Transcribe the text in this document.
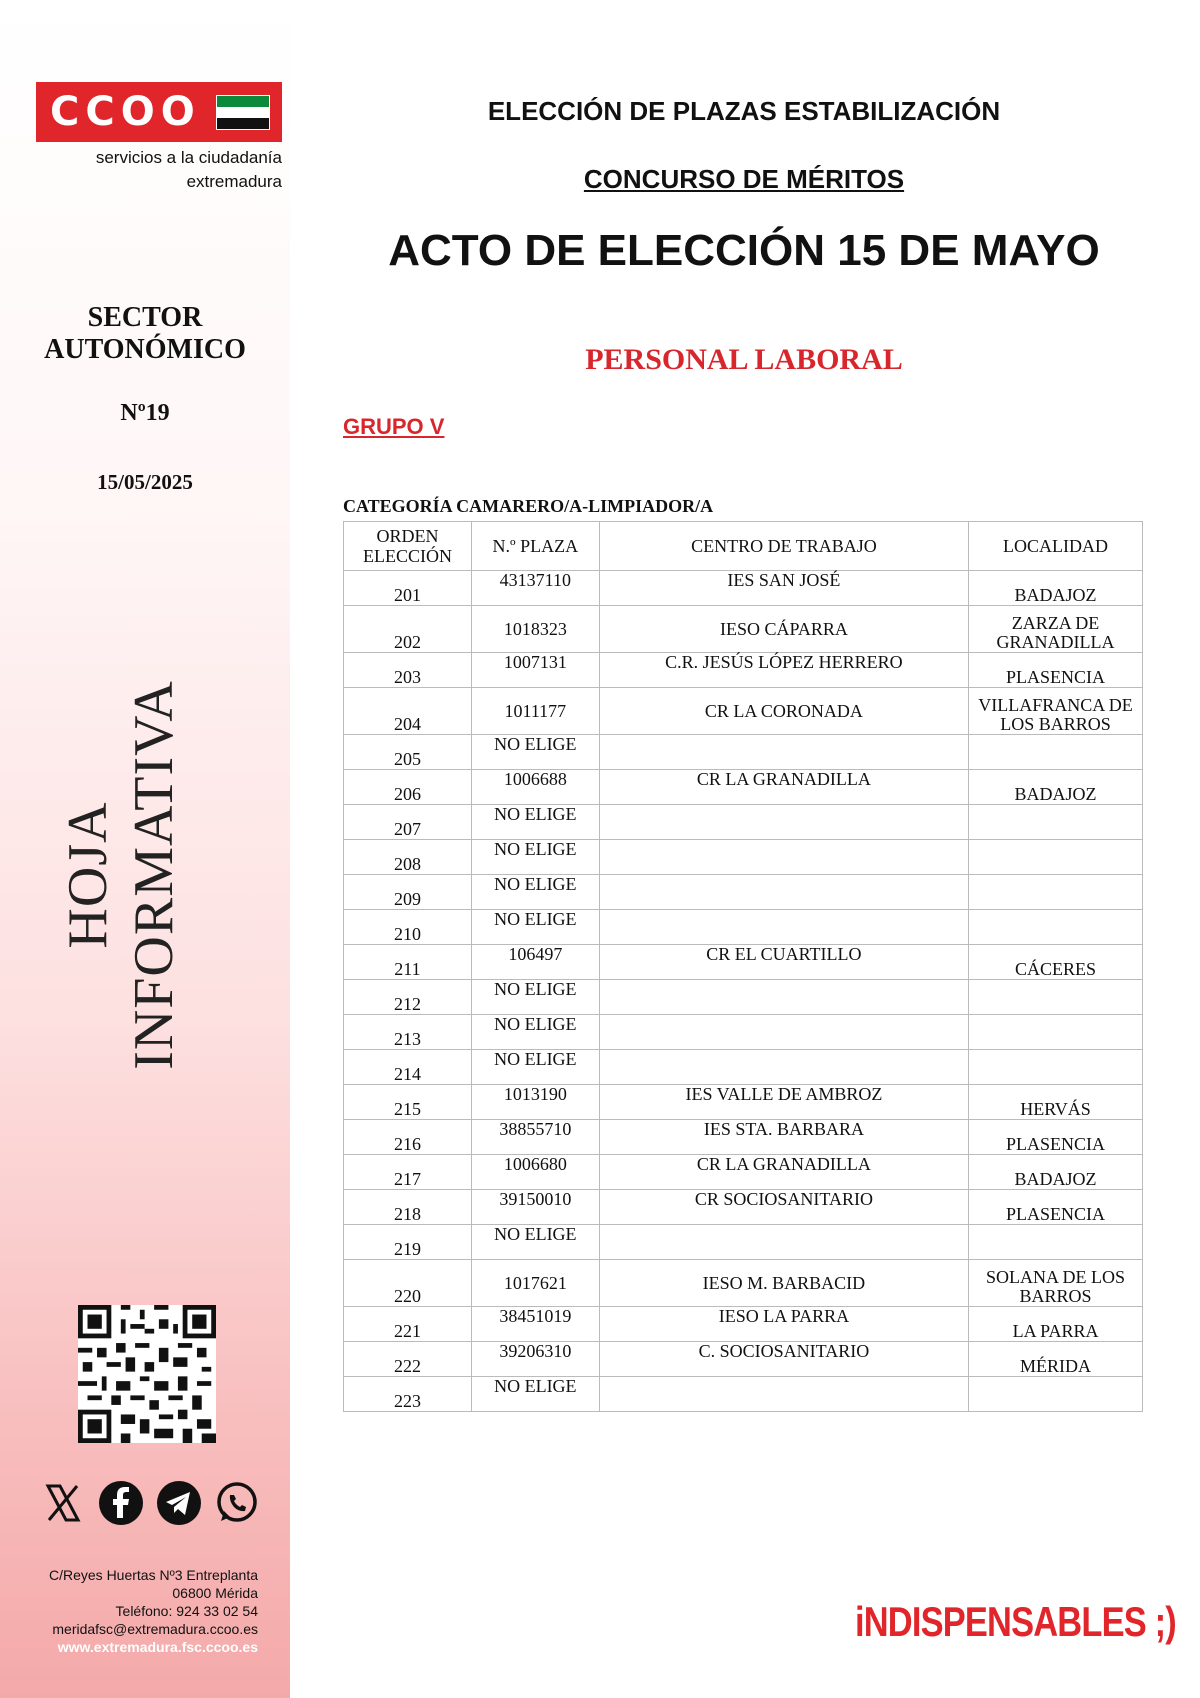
CCOO
servicios a la ciudadanía
extremadura
SECTOR
AUTONÓMICO
Nº19
15/05/2025
HOJA INFORMATIVA
C/Reyes Huertas Nº3 Entreplanta
06800 Mérida
Teléfono: 924 33 02 54
meridafsc@extremadura.ccoo.es
www.extremadura.fsc.ccoo.es
ELECCIÓN DE PLAZAS ESTABILIZACIÓN
CONCURSO DE MÉRITOS
ACTO DE ELECCIÓN 15 DE MAYO
PERSONAL LABORAL
GRUPO V
CATEGORÍA CAMARERO/A-LIMPIADOR/A
ORDEN
ELECCIÓN	N.º PLAZA	CENTRO DE TRABAJO	LOCALIDAD
201	43137110	IES SAN JOSÉ	BADAJOZ
202	1018323	IESO CÁPARRA	ZARZA DE GRANADILLA
203	1007131	C.R. JESÚS LÓPEZ HERRERO	PLASENCIA
204	1011177	CR LA CORONADA	VILLAFRANCA DE LOS BARROS
205	NO ELIGE		
206	1006688	CR LA GRANADILLA	BADAJOZ
207	NO ELIGE		
208	NO ELIGE		
209	NO ELIGE		
210	NO ELIGE		
211	106497	CR EL CUARTILLO	CÁCERES
212	NO ELIGE		
213	NO ELIGE		
214	NO ELIGE		
215	1013190	IES VALLE DE AMBROZ	HERVÁS
216	38855710	IES STA. BARBARA	PLASENCIA
217	1006680	CR LA GRANADILLA	BADAJOZ
218	39150010	CR SOCIOSANITARIO	PLASENCIA
219	NO ELIGE		
220	1017621	IESO M. BARBACID	SOLANA DE LOS BARROS
221	38451019	IESO LA PARRA	LA PARRA
222	39206310	C. SOCIOSANITARIO	MÉRIDA
223	NO ELIGE		
iNDISPENSABLES ;)
